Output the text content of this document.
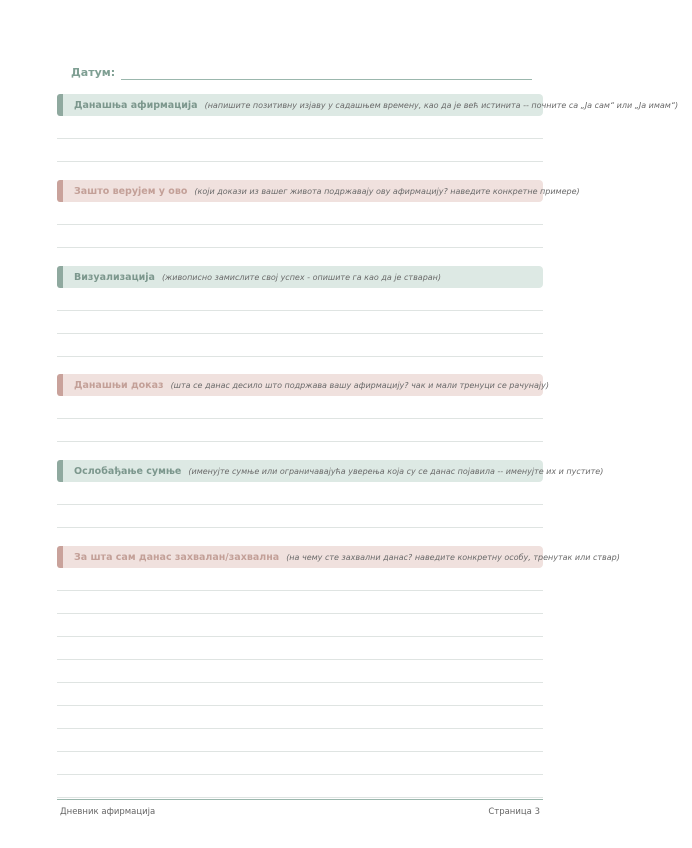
Датум:
Данашња афирмација (напишите позитивну изјаву у садашњем времену, као да је већ истинита -- почните са „Ја сам“ или „Ја имам“)
Зашто верујем у ово (који докази из вашег живота подржавају ову афирмацију? наведите конкретне примере)
Визуализација (живописно замислите свој успех - опишите га као да је стваран)
Данашњи доказ (шта се данас десило што подржава вашу афирмацију? чак и мали тренуци се рачунају)
Ослобађање сумње (именујте сумње или ограничавајућа уверења која су се данас појавила -- именујте их и пустите)
За шта сам данас захвалан/захвална (на чему сте захвални данас? наведите конкретну особу, тренутак или ствар)
Дневник афирмација	Страница 3
